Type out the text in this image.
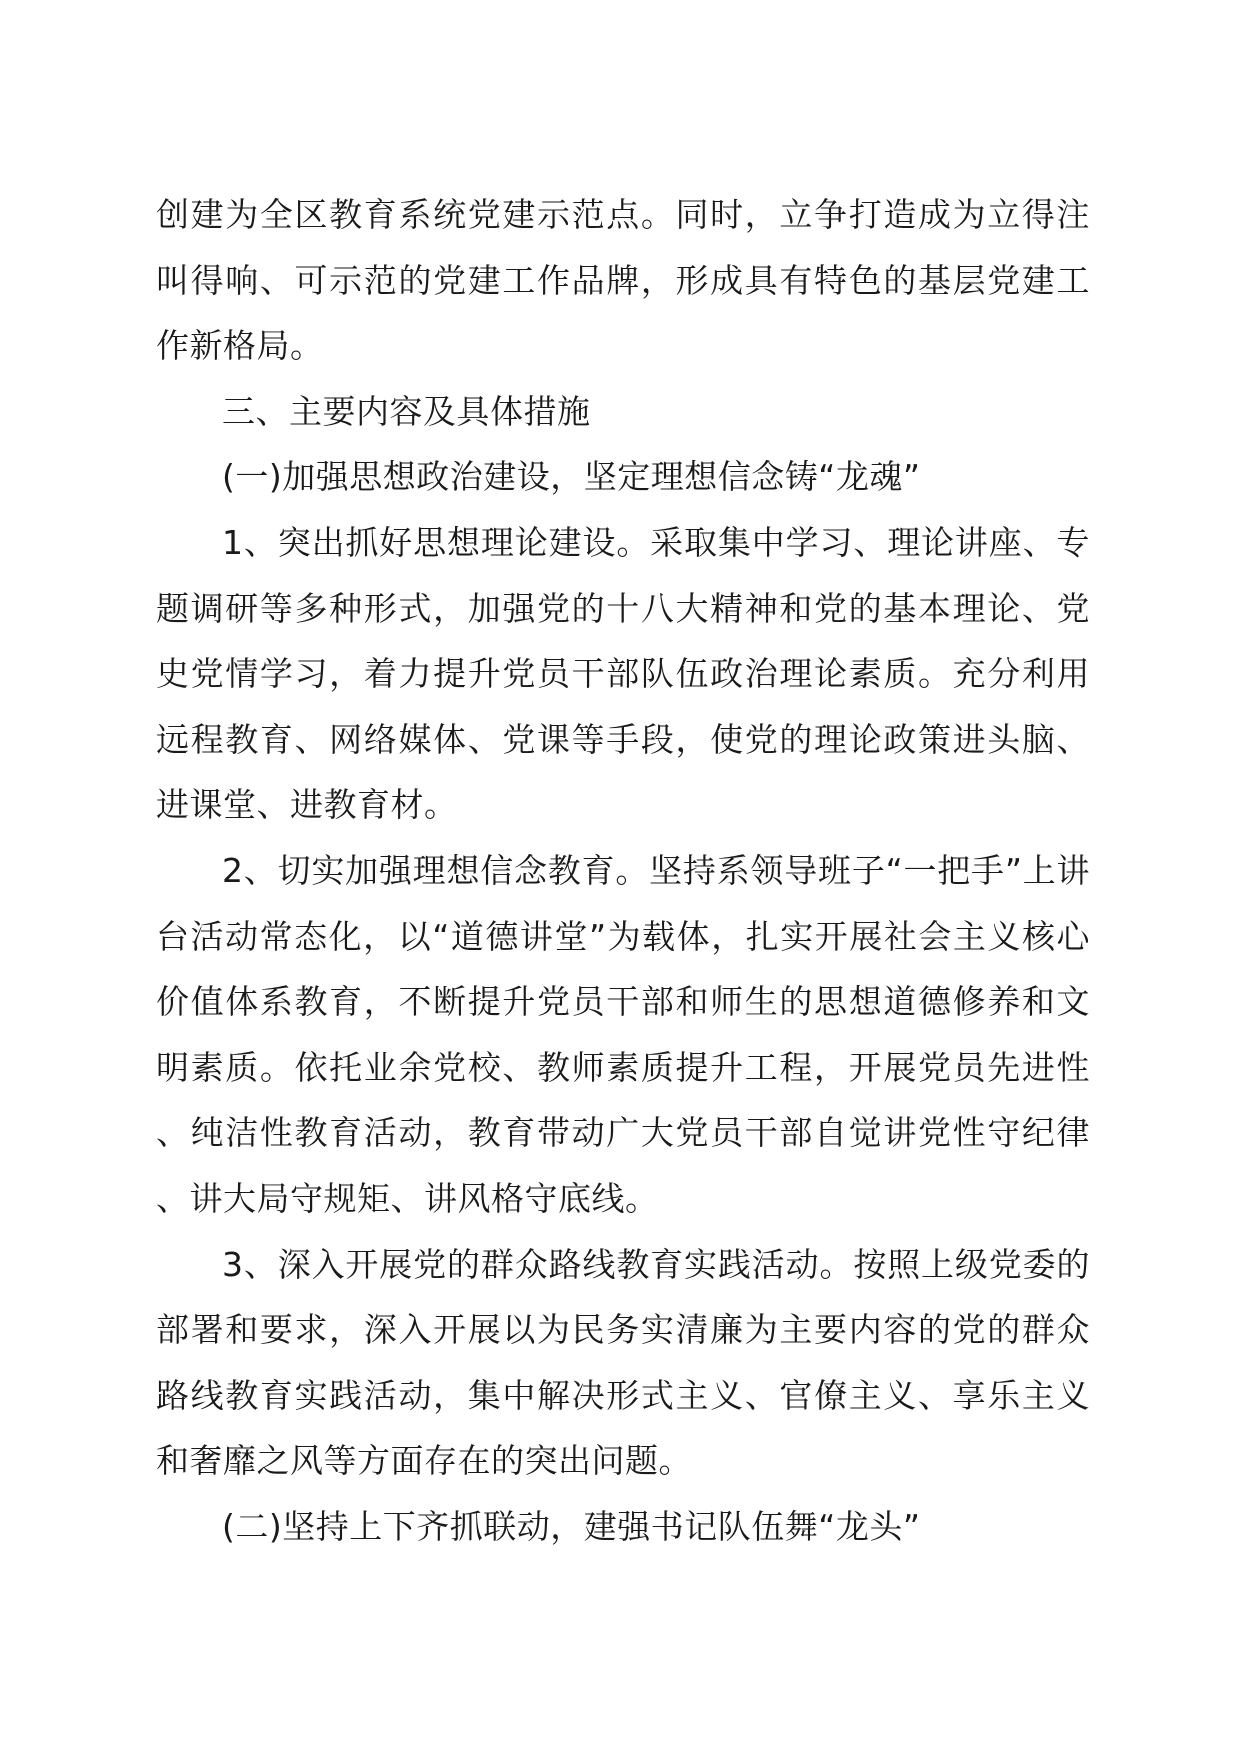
创建为全区教育系统党建示范点。同时，立争打造成为立得注叫得响、可示范的党建工作品牌，形成具有特色的基层党建工作新格局。

三、主要内容及具体措施

(一)加强思想政治建设，坚定理想信念铸“龙魂”

1、突出抓好思想理论建设。采取集中学习、理论讲座、专题调研等多种形式，加强党的十八大精神和党的基本理论、党史党情学习，着力提升党员干部队伍政治理论素质。充分利用远程教育、网络媒体、党课等手段，使党的理论政策进头脑、进课堂、进教育材。

2、切实加强理想信念教育。坚持系领导班子“一把手”上讲台活动常态化，以“道德讲堂”为载体，扎实开展社会主义核心价值体系教育，不断提升党员干部和师生的思想道德修养和文明素质。依托业余党校、教师素质提升工程，开展党员先进性、纯洁性教育活动，教育带动广大党员干部自觉讲党性守纪律、讲大局守规矩、讲风格守底线。

3、深入开展党的群众路线教育实践活动。按照上级党委的部署和要求，深入开展以为民务实清廉为主要内容的党的群众路线教育实践活动，集中解决形式主义、官僚主义、享乐主义和奢靡之风等方面存在的突出问题。

(二)坚持上下齐抓联动，建强书记队伍舞“龙头”
